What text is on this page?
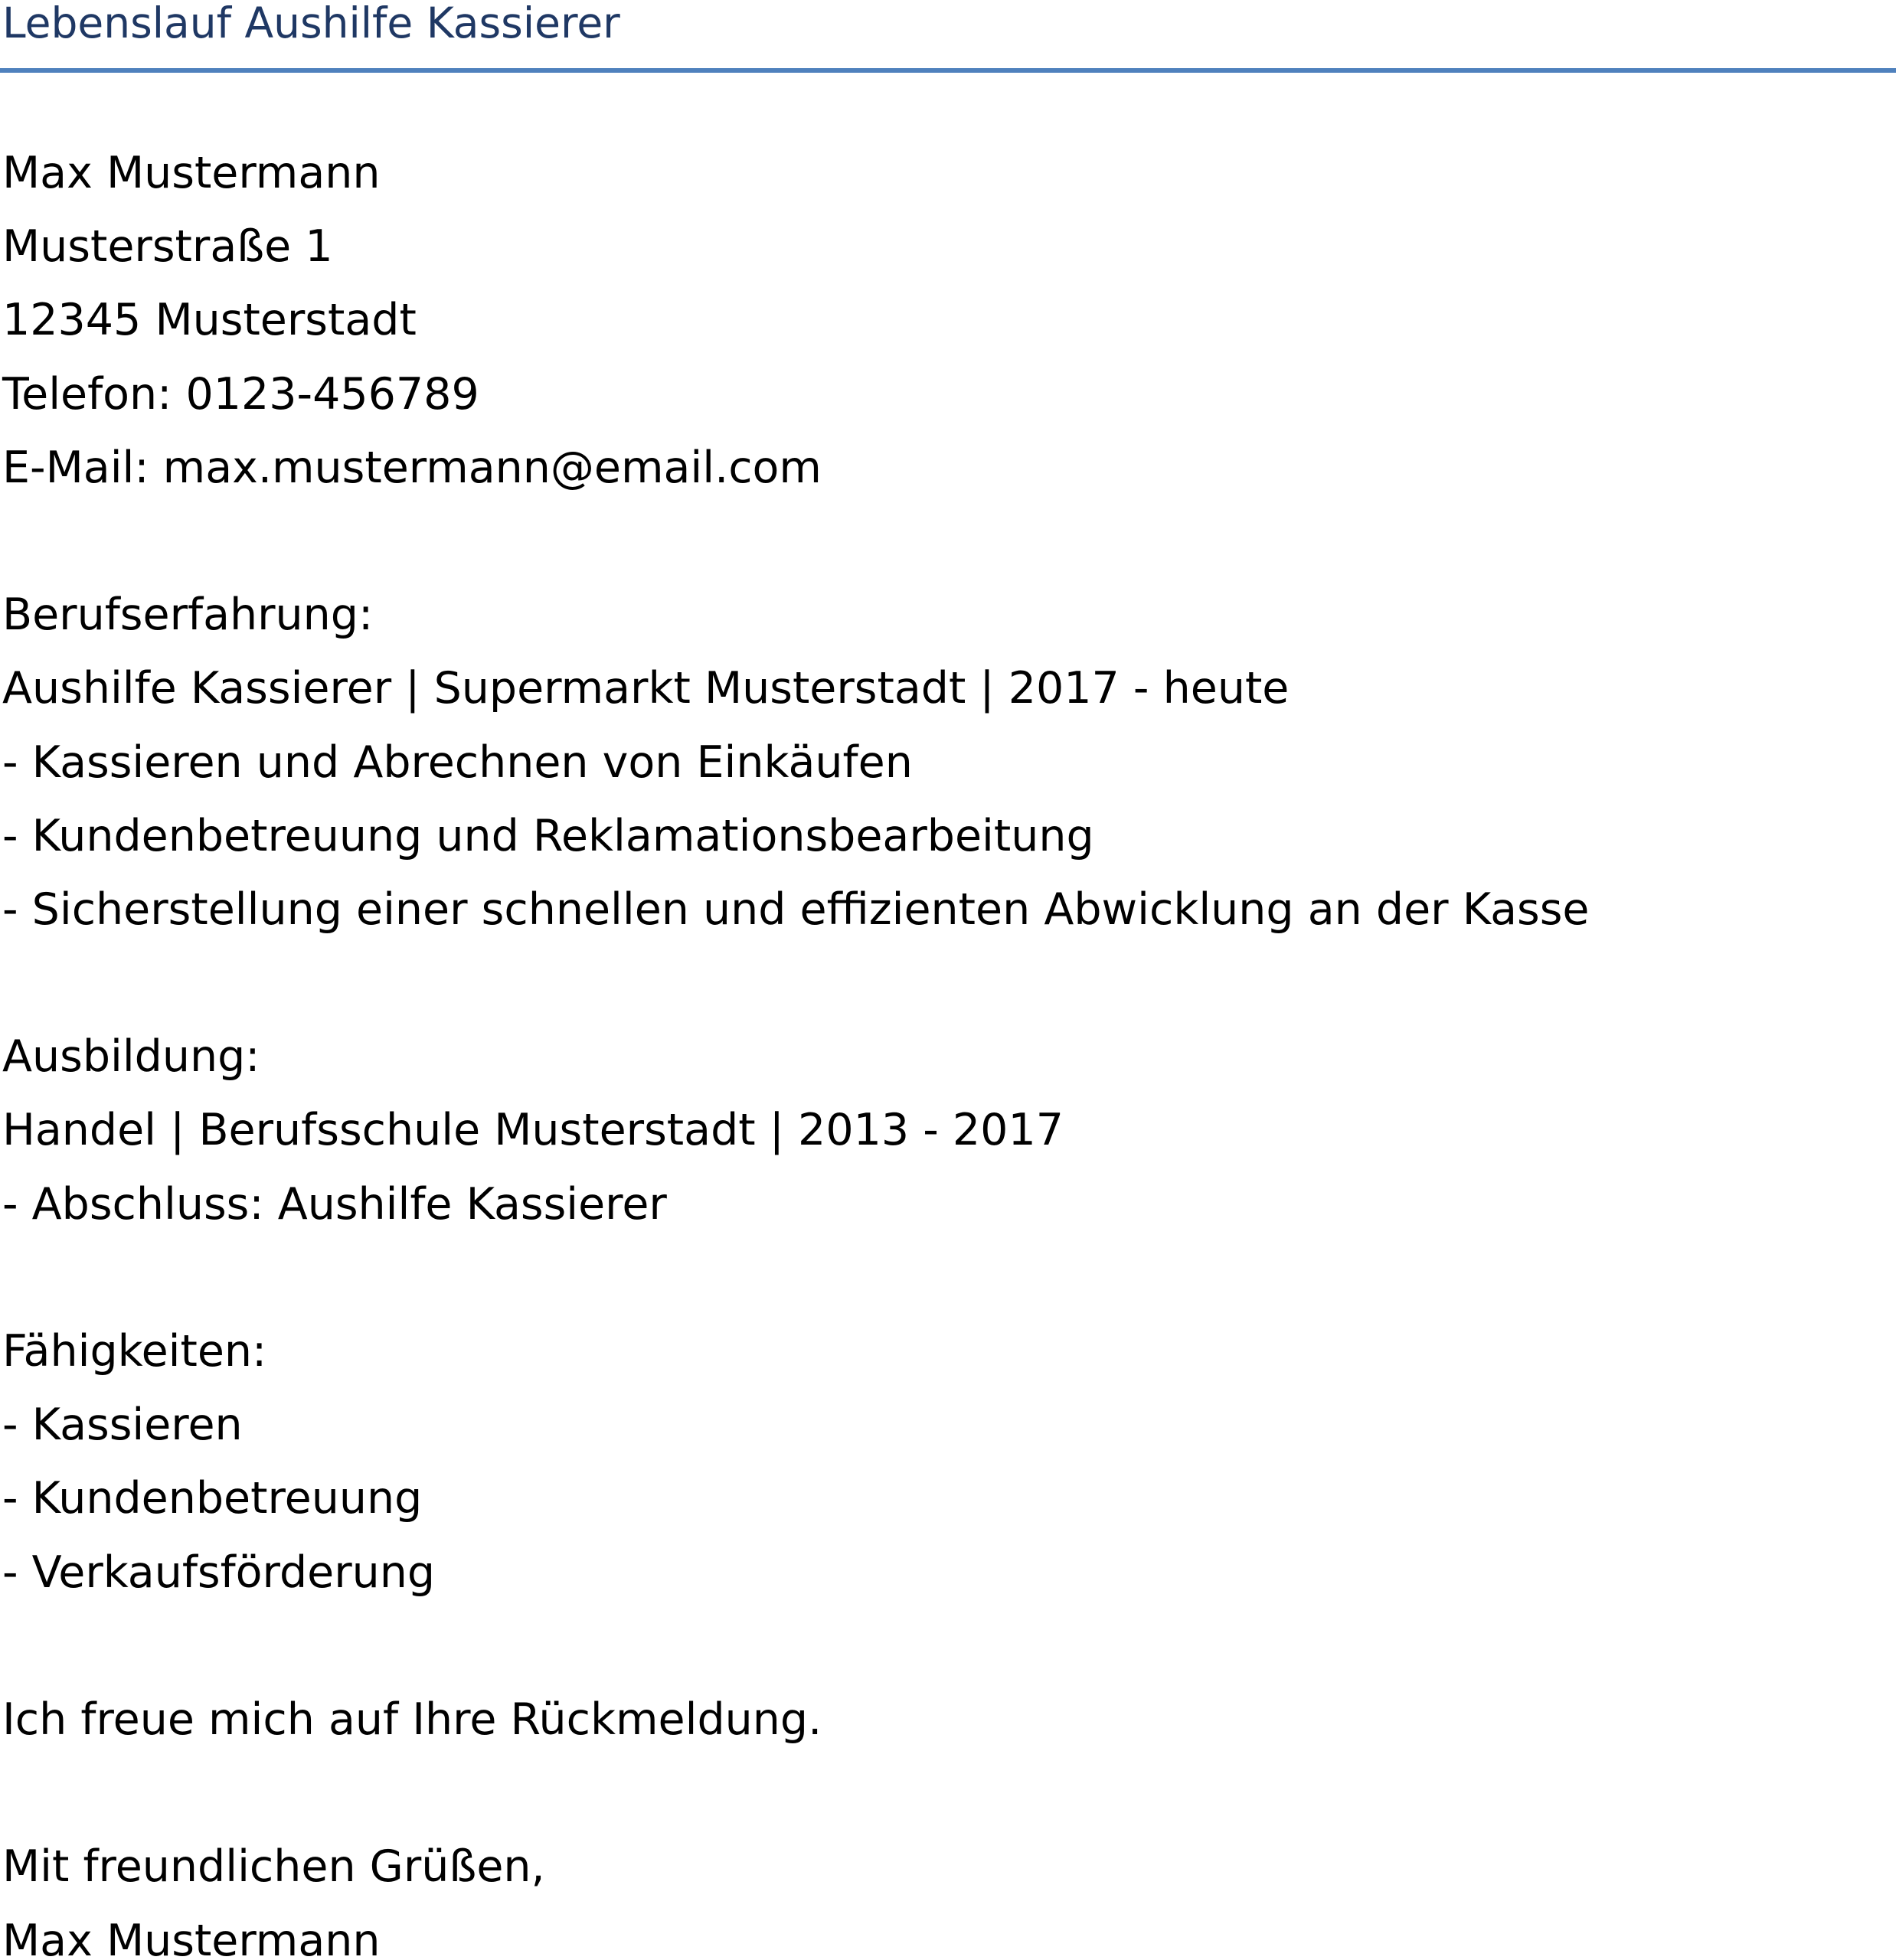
Lebenslauf Aushilfe Kassierer
Max Mustermann
Musterstraße 1
12345 Musterstadt
Telefon: 0123-456789
E-Mail: max.mustermann@email.com
Berufserfahrung:
Aushilfe Kassierer | Supermarkt Musterstadt | 2017 - heute
- Kassieren und Abrechnen von Einkäufen
- Kundenbetreuung und Reklamationsbearbeitung
- Sicherstellung einer schnellen und effizienten Abwicklung an der Kasse
Ausbildung:
Handel | Berufsschule Musterstadt | 2013 - 2017
- Abschluss: Aushilfe Kassierer
Fähigkeiten:
- Kassieren
- Kundenbetreuung
- Verkaufsförderung
Ich freue mich auf Ihre Rückmeldung.
Mit freundlichen Grüßen,
Max Mustermann
